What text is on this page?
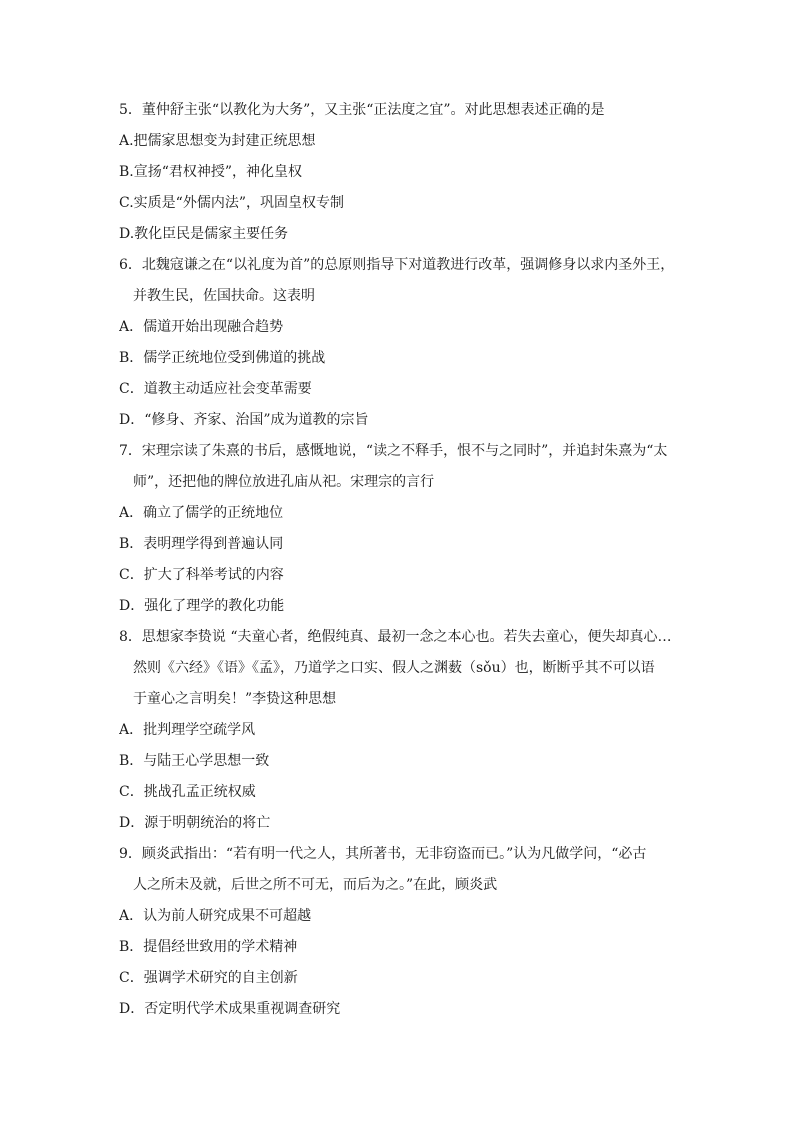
5．董仲舒主张“以教化为大务”，又主张“正法度之宜”。对此思想表述正确的是
A.把儒家思想变为封建正统思想
B.宣扬“君权神授”，神化皇权
C.实质是“外儒内法”，巩固皇权专制
D.教化臣民是儒家主要任务
6．北魏寇谦之在“以礼度为首”的总原则指导下对道教进行改革，强调修身以求内圣外王，
并教生民，佐国扶命。这表明
A．儒道开始出现融合趋势
B．儒学正统地位受到佛道的挑战
C．道教主动适应社会变革需要
D．“修身、齐家、治国”成为道教的宗旨
7．宋理宗读了朱熹的书后，感慨地说，“读之不释手，恨不与之同时”，并追封朱熹为“太
师”，还把他的牌位放进孔庙从祀。宋理宗的言行
A．确立了儒学的正统地位
B．表明理学得到普遍认同
C．扩大了科举考试的内容
D．强化了理学的教化功能
8．思想家李贽说 “夫童心者，绝假纯真、最初一念之本心也。若失去童心，便失却真心…
然则《六经》《语》《孟》，乃道学之口实、假人之渊薮（sǒu）也，断断乎其不可以语
于童心之言明矣！”李贽这种思想
A．批判理学空疏学风
B．与陆王心学思想一致
C．挑战孔孟正统权威
D．源于明朝统治的将亡
9．顾炎武指出：“若有明一代之人，其所著书，无非窃盗而已。”认为凡做学问，“必古
人之所未及就，后世之所不可无，而后为之。”在此，顾炎武
A．认为前人研究成果不可超越
B．提倡经世致用的学术精神
C．强调学术研究的自主创新
D．否定明代学术成果重视调查研究
